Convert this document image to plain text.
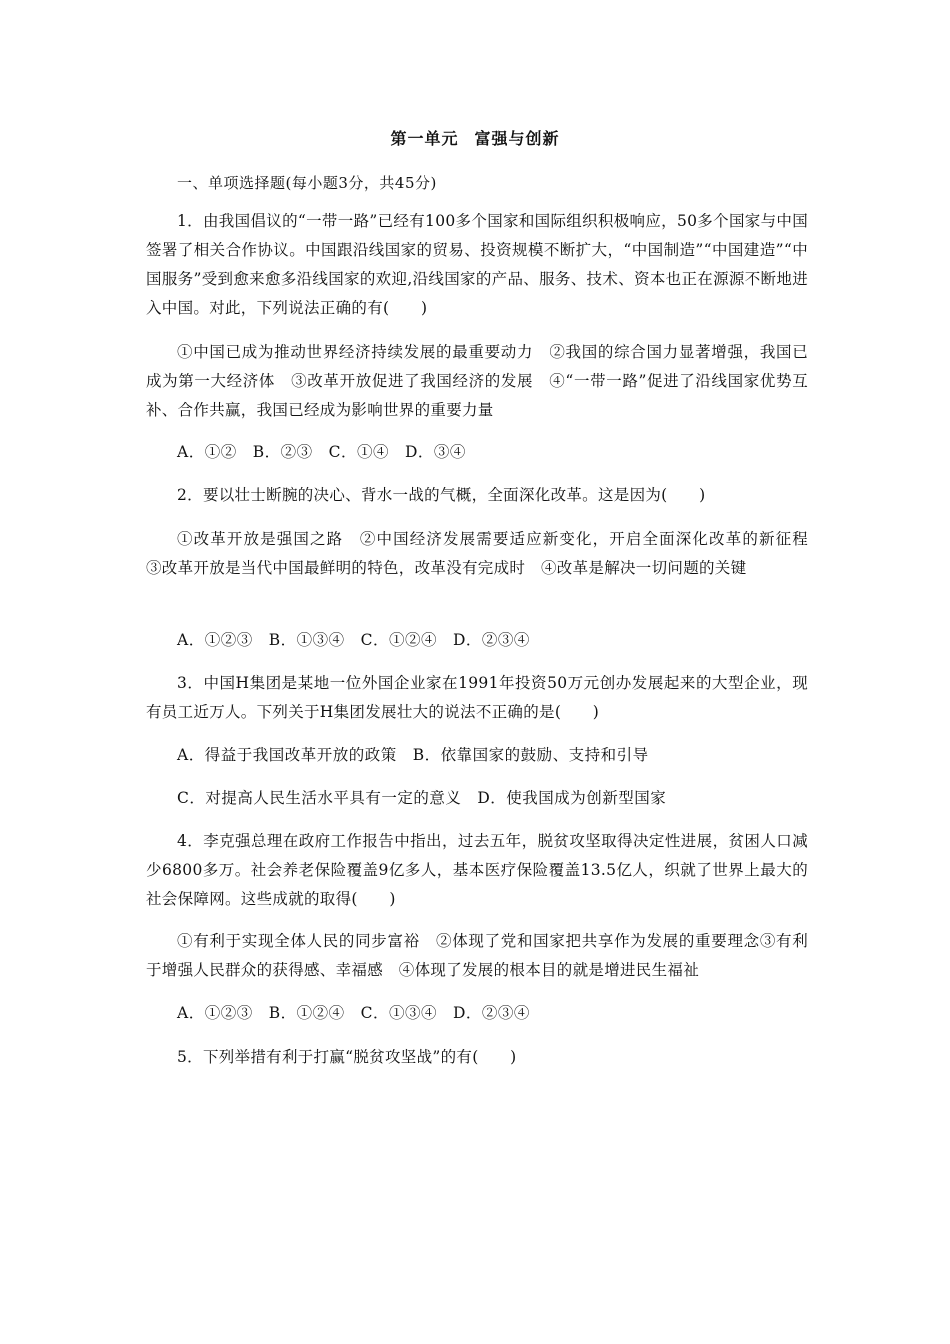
第一单元 富强与创新
一、单项选择题(每小题3分，共45分)
1．由我国倡议的“一带一路”已经有100多个国家和国际组织积极响应，50多个国家与中国签署了相关合作协议。中国跟沿线国家的贸易、投资规模不断扩大，“中国制造”“中国建造”“中国服务”受到愈来愈多沿线国家的欢迎,沿线国家的产品、服务、技术、资本也正在源源不断地进入中国。对此，下列说法正确的有(　　)
①中国已成为推动世界经济持续发展的最重要动力　②我国的综合国力显著增强，我国已成为第一大经济体　③改革开放促进了我国经济的发展　④“一带一路”促进了沿线国家优势互补、合作共赢，我国已经成为影响世界的重要力量
A．①②　B．②③　C．①④　D．③④
2．要以壮士断腕的决心、背水一战的气概，全面深化改革。这是因为(　　)
①改革开放是强国之路　②中国经济发展需要适应新变化，开启全面深化改革的新征程　③改革开放是当代中国最鲜明的特色，改革没有完成时　④改革是解决一切问题的关键
A．①②③　B．①③④　C．①②④　D．②③④
3．中国H集团是某地一位外国企业家在1991年投资50万元创办发展起来的大型企业，现有员工近万人。下列关于H集团发展壮大的说法不正确的是(　　)
A．得益于我国改革开放的政策　B．依靠国家的鼓励、支持和引导
C．对提高人民生活水平具有一定的意义　D．使我国成为创新型国家
4．李克强总理在政府工作报告中指出，过去五年，脱贫攻坚取得决定性进展，贫困人口减少6800多万。社会养老保险覆盖9亿多人，基本医疗保险覆盖13.5亿人，织就了世界上最大的社会保障网。这些成就的取得(　　)
①有利于实现全体人民的同步富裕　②体现了党和国家把共享作为发展的重要理念③有利于增强人民群众的获得感、幸福感　④体现了发展的根本目的就是增进民生福祉
A．①②③　B．①②④　C．①③④　D．②③④
5．下列举措有利于打赢“脱贫攻坚战”的有(　　)
